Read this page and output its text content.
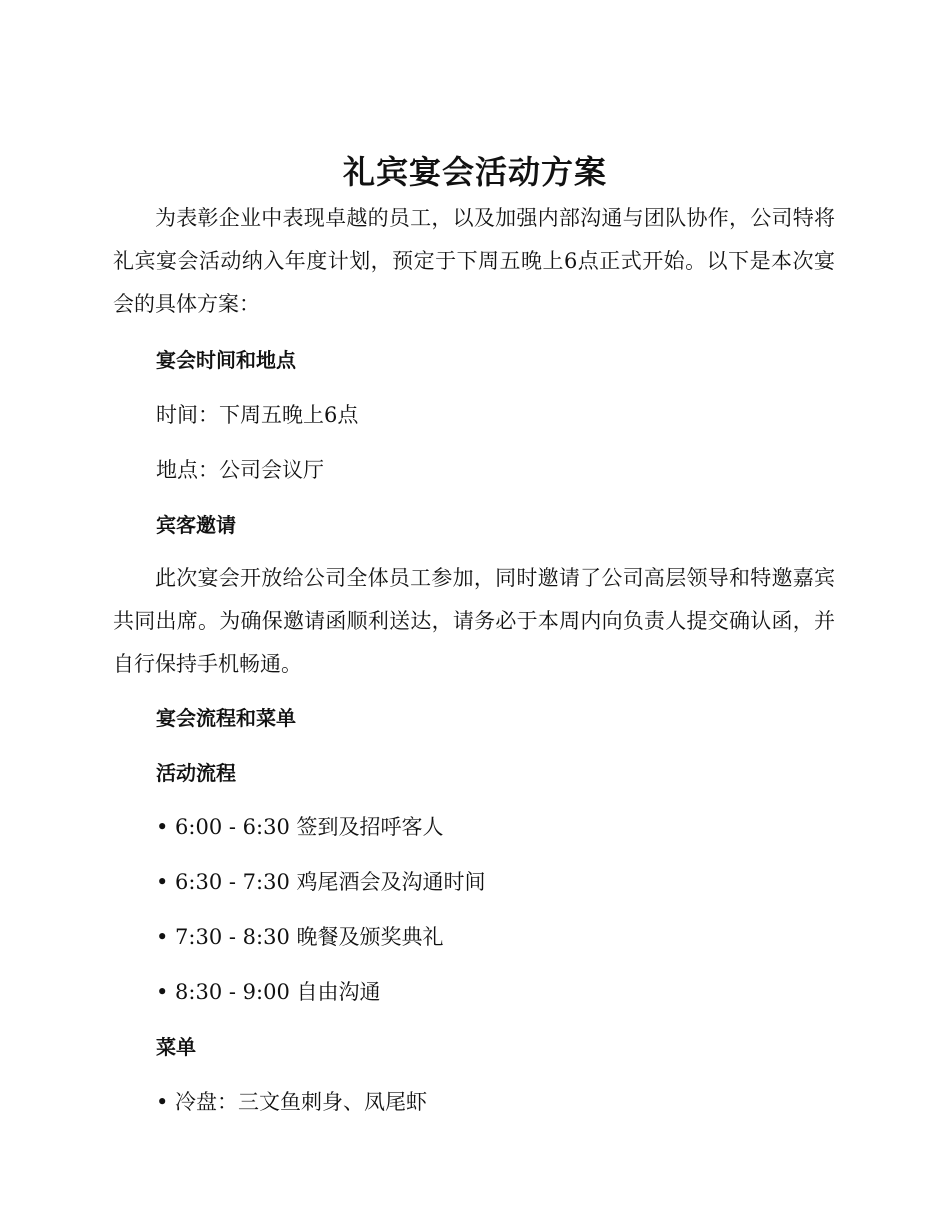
礼宾宴会活动方案
为表彰企业中表现卓越的员工，以及加强内部沟通与团队协作，公司特将礼宾宴会活动纳入年度计划，预定于下周五晚上6点正式开始。以下是本次宴会的具体方案：
宴会时间和地点
时间：下周五晚上6点
地点：公司会议厅
宾客邀请
此次宴会开放给公司全体员工参加，同时邀请了公司高层领导和特邀嘉宾共同出席。为确保邀请函顺利送达，请务必于本周内向负责人提交确认函，并自行保持手机畅通。
宴会流程和菜单
活动流程
• 6:00 - 6:30 签到及招呼客人
• 6:30 - 7:30 鸡尾酒会及沟通时间
• 7:30 - 8:30 晚餐及颁奖典礼
• 8:30 - 9:00 自由沟通
菜单
• 冷盘：三文鱼刺身、凤尾虾
